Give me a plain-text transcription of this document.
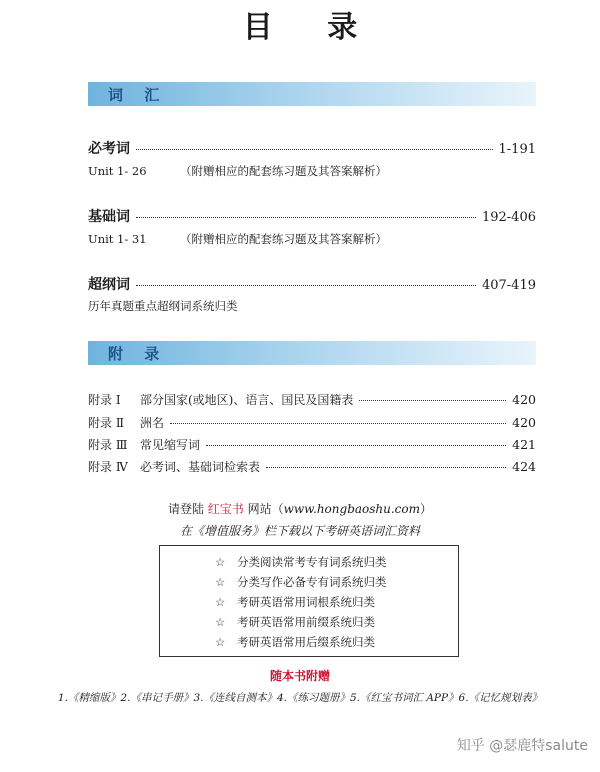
目 录
词 汇
必考词	1-191
Unit 1- 26	（附赠相应的配套练习题及其答案解析）
基础词	192-406
Unit 1- 31	（附赠相应的配套练习题及其答案解析）
超纲词	407-419
历年真题重点超纲词系统归类
附 录
附录 Ⅰ	部分国家(或地区)、语言、国民及国籍表	420
附录 Ⅱ	洲名	420
附录 Ⅲ	常见缩写词	421
附录 Ⅳ	必考词、基础词检索表	424
请登陆 红宝书 网站（www.hongbaoshu.com）
在《增值服务》栏下载以下考研英语词汇资料
☆ 分类阅读常考专有词系统归类
☆ 分类写作必备专有词系统归类
☆ 考研英语常用词根系统归类
☆ 考研英语常用前缀系统归类
☆ 考研英语常用后缀系统归类
随本书附赠
1.《精缩版》2.《串记手册》3.《连线自测本》4.《练习题册》5.《红宝书词汇 APP》6.《记忆规划表》
知乎 @瑟鹿特salute
